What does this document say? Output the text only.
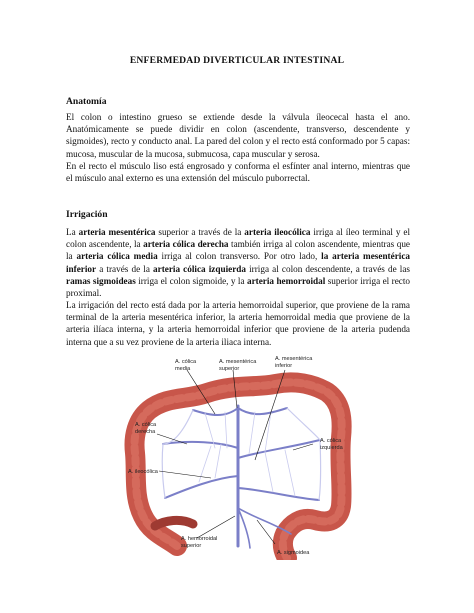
ENFERMEDAD DIVERTICULAR INTESTINAL
Anatomía
El colon o intestino grueso se extiende desde la válvula íleocecal hasta el ano. Anatómicamente se puede dividir en colon (ascendente, transverso, descendente y sigmoides), recto y conducto anal. La pared del colon y el recto está conformado por 5 capas: mucosa, muscular de la mucosa, submucosa, capa muscular y serosa.
En el recto el músculo liso está engrosado y conforma el esfínter anal interno, mientras que el músculo anal externo es una extensión del músculo puborrectal.
Irrigación
La arteria mesentérica superior a través de la arteria ileocólica irriga al íleo terminal y el colon ascendente, la arteria cólica derecha también irriga al colon ascendente, mientras que la arteria cólica media irriga al colon transverso. Por otro lado, la arteria mesentérica inferior a través de la arteria cólica izquierda irriga al colon descendente, a través de las ramas sigmoideas irriga el colon sigmoide, y la arteria hemorroidal superior irriga el recto proximal.
La irrigación del recto está dada por la arteria hemorroidal superior, que proviene de la rama terminal de la arteria mesentérica inferior, la arteria hemorroidal media que proviene de la arteria ilíaca interna, y la arteria hemorroidal inferior que proviene de la arteria pudenda interna que a su vez proviene de la arteria iliaca interna.
A. cólica
media
A. mesentérica
superior
A. mesentérica
inferior
A. cólica
derecha
A. cólica
izquierda
A. ileocólica
A. hemorroidal
superior
A. sigmoidea
